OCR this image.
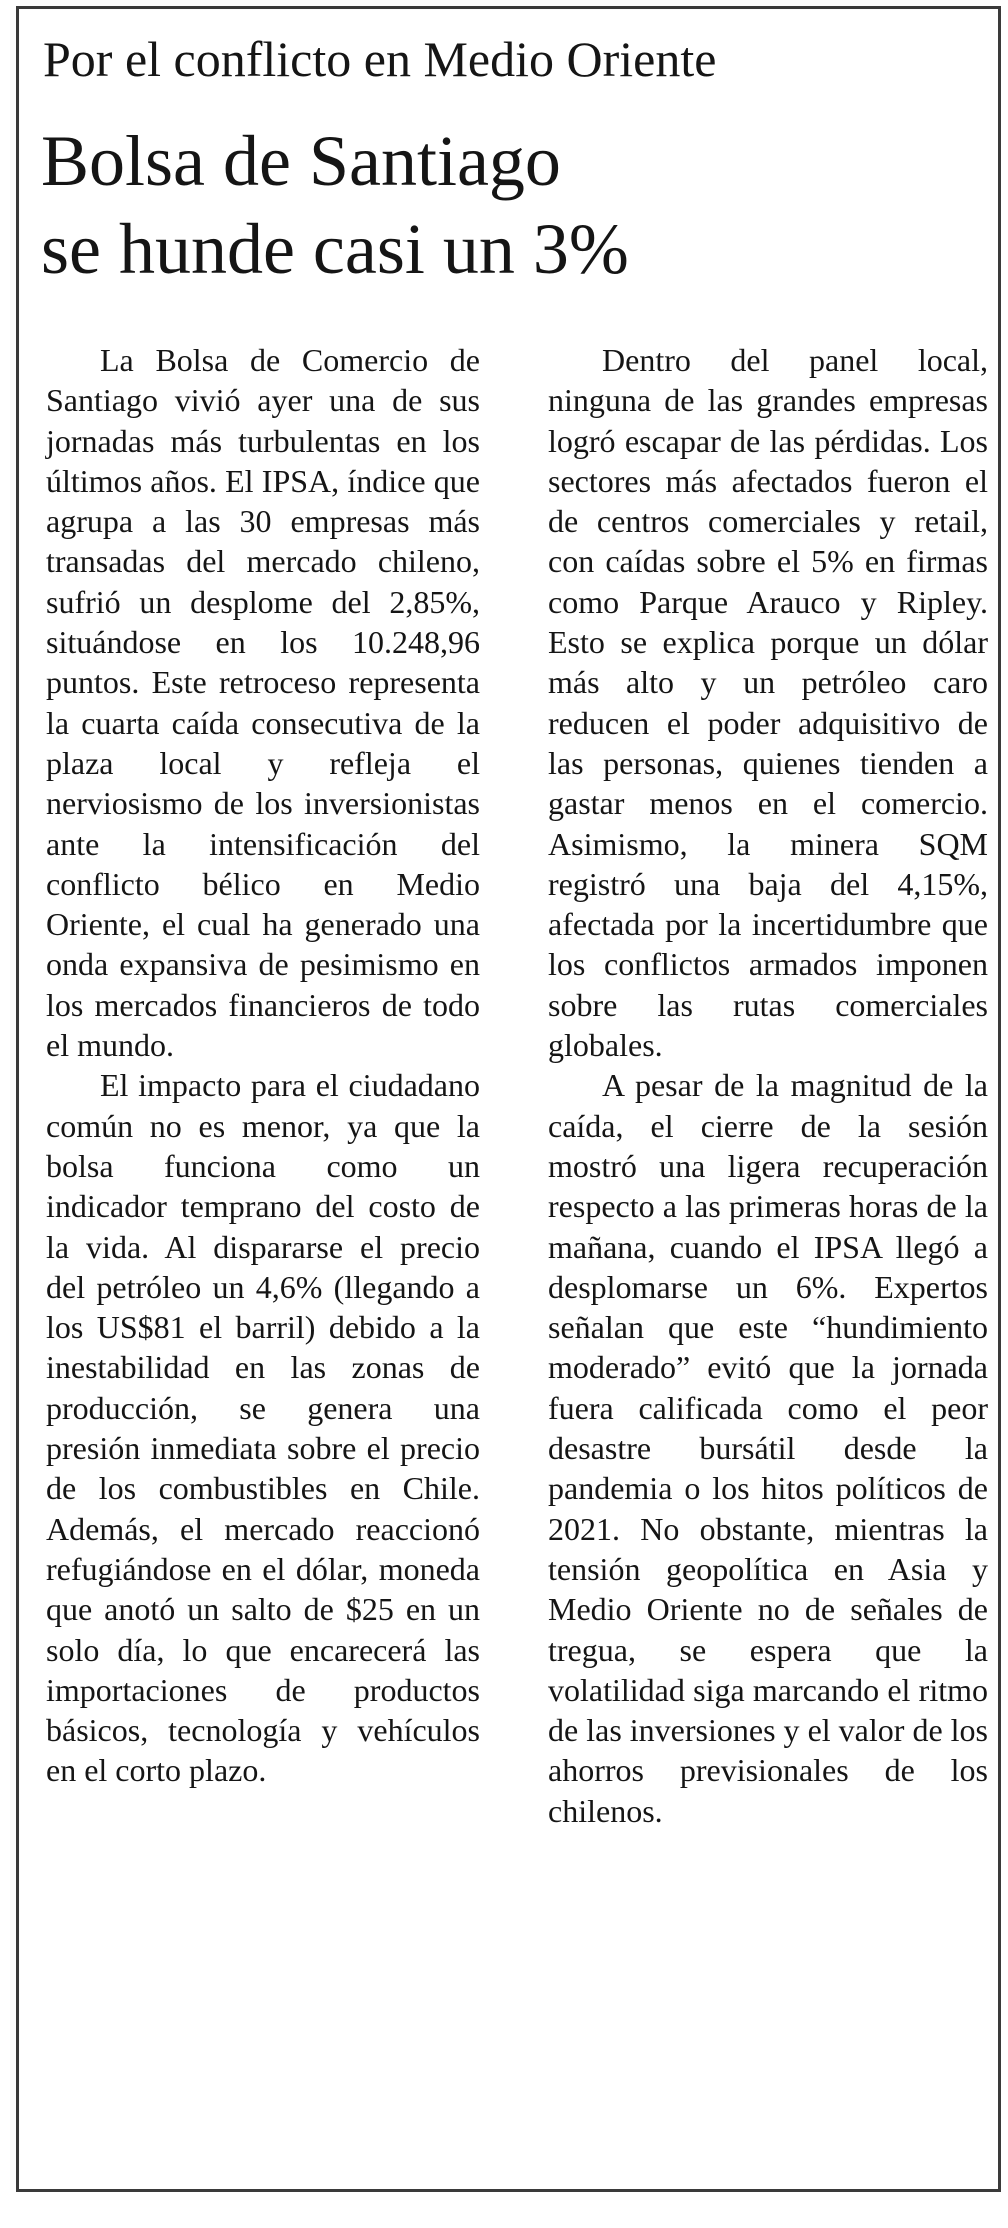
Por el conflicto en Medio Oriente
Bolsa de Santiago
se hunde casi un 3%

La Bolsa de Comercio de Santiago vivió ayer una de sus jornadas más turbulentas en los últimos años. El IPSA, índice que agrupa a las 30 empresas más transadas del mercado chileno, sufrió un desplome del 2,85%, situándose en los 10.248,96 puntos. Este retroceso representa la cuarta caída consecutiva de la plaza local y refleja el nerviosismo de los inversionistas ante la intensificación del conflicto bélico en Medio Oriente, el cual ha generado una onda expansiva de pesimismo en los mercados financieros de todo el mundo.

El impacto para el ciudadano común no es menor, ya que la bolsa funciona como un indicador temprano del costo de la vida. Al dispararse el precio del petróleo un 4,6% (llegando a los US$81 el barril) debido a la inestabilidad en las zonas de producción, se genera una presión inmediata sobre el precio de los combustibles en Chile. Además, el mercado reaccionó refugiándose en el dólar, moneda que anotó un salto de $25 en un solo día, lo que encarecerá las importaciones de productos básicos, tecnología y vehículos en el corto plazo.

Dentro del panel local, ninguna de las grandes empresas logró escapar de las pérdidas. Los sectores más afectados fueron el de centros comerciales y retail, con caídas sobre el 5% en firmas como Parque Arauco y Ripley. Esto se explica porque un dólar más alto y un petróleo caro reducen el poder adquisitivo de las personas, quienes tienden a gastar menos en el comercio. Asimismo, la minera SQM registró una baja del 4,15%, afectada por la incertidumbre que los conflictos armados imponen sobre las rutas comerciales globales.

A pesar de la magnitud de la caída, el cierre de la sesión mostró una ligera recuperación respecto a las primeras horas de la mañana, cuando el IPSA llegó a desplomarse un 6%. Expertos señalan que este “hundimiento moderado” evitó que la jornada fuera calificada como el peor desastre bursátil desde la pandemia o los hitos políticos de 2021. No obstante, mientras la tensión geopolítica en Asia y Medio Oriente no de señales de tregua, se espera que la volatilidad siga marcando el ritmo de las inversiones y el valor de los ahorros previsionales de los chilenos.
